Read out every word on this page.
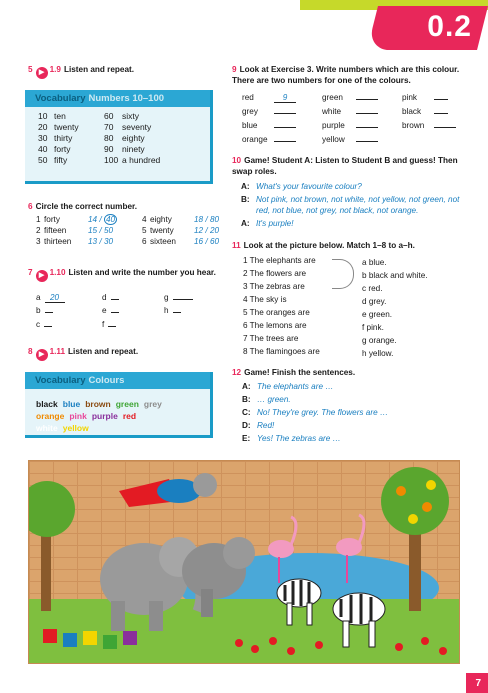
0.2
5 ▶ 1.9 Listen and repeat.
Vocabulary Numbers 10–100
10 ten	60 sixty
20 twenty	70 seventy
30 thirty	80 eighty
40 forty	90 ninety
50 fifty	100 a hundred
6 Circle the correct number.
1 forty	14 / 40	4 eighty	18 / 80
2 fifteen	15 / 50	5 twenty	12 / 20
3 thirteen	13 / 30	6 sixteen	16 / 60
7 ▶ 1.10 Listen and write the number you hear.
a 20	d	g
b	e	h
c	f
8 ▶ 1.11 Listen and repeat.
Vocabulary Colours
black blue brown green grey
orange pink purple red
white yellow
9 Look at Exercise 3. Write numbers which are this colour. There are two numbers for one of the colours.
red	9	green	pink
grey	white	black
blue	purple	brown
orange	yellow
10 Game! Student A: Listen to Student B and guess! Then swap roles.
A: What's your favourite colour?
B: Not pink, not brown, not white, not yellow, not green, not red, not blue, not grey, not black, not orange.
A: It's purple!
11 Look at the picture below. Match 1–8 to a–h.
1 The elephants are
2 The flowers are
3 The zebras are
4 The sky is
5 The oranges are
6 The lemons are
7 The trees are
8 The flamingoes are
a blue.
b black and white.
c red.
d grey.
e green.
f pink.
g orange.
h yellow.
12 Game! Finish the sentences.
A: The elephants are …
B: … green.
C: No! They're grey. The flowers are …
D: Red!
E: Yes! The zebras are …
7
